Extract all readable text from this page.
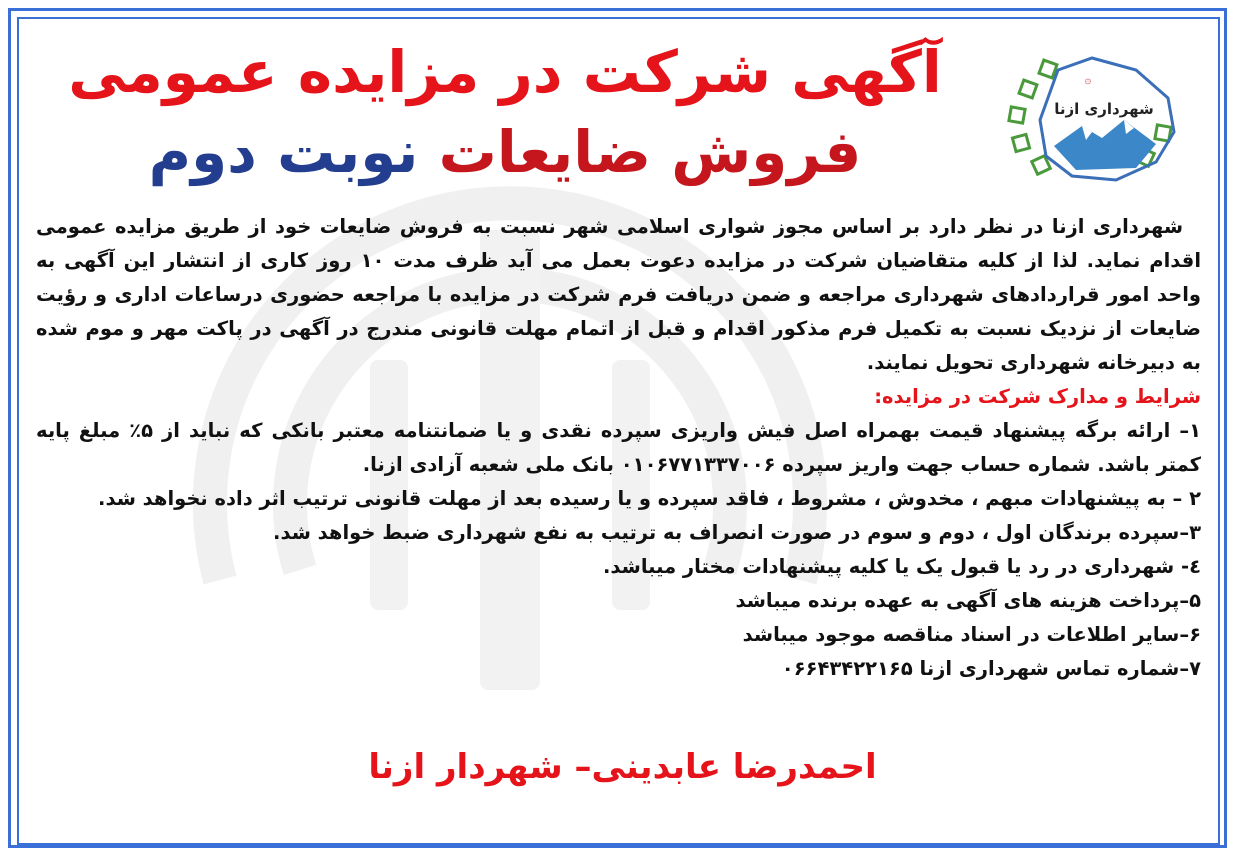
۞
شهرداری ازنا
آگهی شرکت در مزایده عمومی
فروش ضایعات نوبت دوم

شهرداری ازنا در نظر دارد بر اساس مجوز شواری اسلامی شهر نسبت به فروش ضایعات خود از طریق مزایده عمومی اقدام نماید. لذا از کلیه متقاضیان شرکت در مزایده دعوت بعمل می آید ظرف مدت ۱۰ روز کاری از انتشار این آگهی به واحد امور قراردادهای شهرداری مراجعه و ضمن دریافت فرم شرکت در مزایده با مراجعه حضوری درساعات اداری و رؤیت ضایعات از نزدیک نسبت به تکمیل فرم مذکور اقدام و قبل از اتمام مهلت قانونی مندرج در آگهی در پاکت مهر و موم شده به دبیرخانه شهرداری تحویل نمایند.

شرایط و مدارک شرکت در مزایده:

۱– ارائه برگه پیشنهاد قیمت بهمراه اصل فیش واریزی سپرده نقدی و یا ضمانتنامه معتبر بانکی که نباید از ۵٪ مبلغ پایه کمتر باشد. شماره حساب جهت واریز سپرده ۰۱۰۶۷۷۱۳۳۷۰۰۶ بانک ملی شعبه آزادی ازنا.

۲ – به پیشنهادات مبهم ، مخدوش ، مشروط ، فاقد سپرده و یا رسیده بعد از مهلت قانونی ترتیب اثر داده نخواهد شد.

۳–سپرده برندگان اول ، دوم و سوم در صورت انصراف به ترتیب به نفع شهرداری ضبط خواهد شد.

٤- شهرداری در رد یا قبول یک یا کلیه پیشنهادات مختار میباشد.

۵–پرداخت هزینه های آگهی به عهده برنده میباشد

۶–سایر اطلاعات در اسناد مناقصه موجود میباشد

۷–شماره تماس شهرداری ازنا ۰۶۶۴۳۴۲۲۱۶۵

احمدرضا عابدینی– شهردار ازنا
